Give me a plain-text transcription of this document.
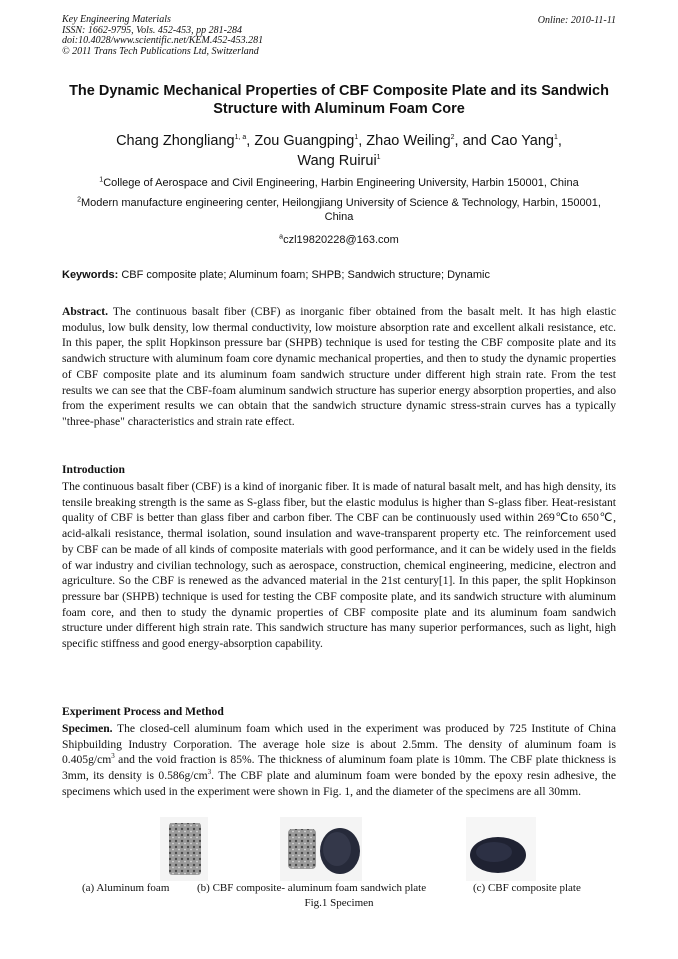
Key Engineering Materials
ISSN: 1662-9795, Vols. 452-453, pp 281-284
doi:10.4028/www.scientific.net/KEM.452-453.281
© 2011 Trans Tech Publications Ltd, Switzerland
Online: 2010-11-11
The Dynamic Mechanical Properties of CBF Composite Plate and its Sandwich Structure with Aluminum Foam Core
Chang Zhongliang$^{1, a}$, Zou Guangping$^1$, Zhao Weiling$^2$, and Cao Yang$^1$,
Wang Ruirui$^1$
$^1$College of Aerospace and Civil Engineering, Harbin Engineering University, Harbin 150001, China
$^2$Modern manufacture engineering center, Heilongjiang University of Science & Technology, Harbin, 150001, China
$^a$czl19820228@163.com
Keywords: CBF composite plate; Aluminum foam; SHPB; Sandwich structure; Dynamic
Abstract. The continuous basalt fiber (CBF) as inorganic fiber obtained from the basalt melt. It has high elastic modulus, low bulk density, low thermal conductivity, low moisture absorption rate and excellent alkali resistance, etc. In this paper, the split Hopkinson pressure bar (SHPB) technique is used for testing the CBF composite plate and its sandwich structure with aluminum foam core dynamic mechanical properties, and then to study the dynamic properties of CBF composite plate and its aluminum foam sandwich structure under different high strain rate. From the test results we can see that the CBF-foam aluminum sandwich structure has superior energy absorption properties, and also from the experiment results we can obtain that the sandwich structure dynamic stress-strain curves has a typically "three-phase" characteristics and strain rate effect.
Introduction
The continuous basalt fiber (CBF) is a kind of inorganic fiber. It is made of natural basalt melt, and has high density, its tensile breaking strength is the same as S-glass fiber, but the elastic modulus is higher than S-glass fiber. Heat-resistant quality of CBF is better than glass fiber and carbon fiber. The CBF can be continuously used within 269℃to 650℃, acid-alkali resistance, thermal isolation, sound insulation and wave-transparent property etc. The reinforcement used by CBF can be made of all kinds of composite materials with good performance, and it can be widely used in the fields of war industry and civilian technology, such as aerospace, construction, chemical engineering, medicine, electron and agriculture. So the CBF is renewed as the advanced material in the 21st century[1]. In this paper, the split Hopkinson pressure bar (SHPB) technique is used for testing the CBF composite plate, and its sandwich structure with aluminum foam core, and then to study the dynamic properties of CBF composite plate and its aluminum foam sandwich structure under different high strain rate. This sandwich structure has many superior performances, such as light, high specific stiffness and good energy-absorption capability.
Experiment Process and Method
Specimen. The closed-cell aluminum foam which used in the experiment was produced by 725 Institute of China Shipbuilding Industry Corporation. The average hole size is about 2.5mm. The density of aluminum foam is $0.405g/cm^3$ and the void fraction is 85%. The thickness of aluminum foam plate is 10mm. The CBF plate thickness is 3mm, its density is $0.586g/cm^3$. The CBF plate and aluminum foam were bonded by the epoxy resin adhesive, the specimens which used in the experiment were shown in Fig. 1, and the diameter of the specimens are all 30mm.
(a) Aluminum foam	(b) CBF composite- aluminum foam sandwich plate	(c) CBF composite plate
Fig.1 Specimen
